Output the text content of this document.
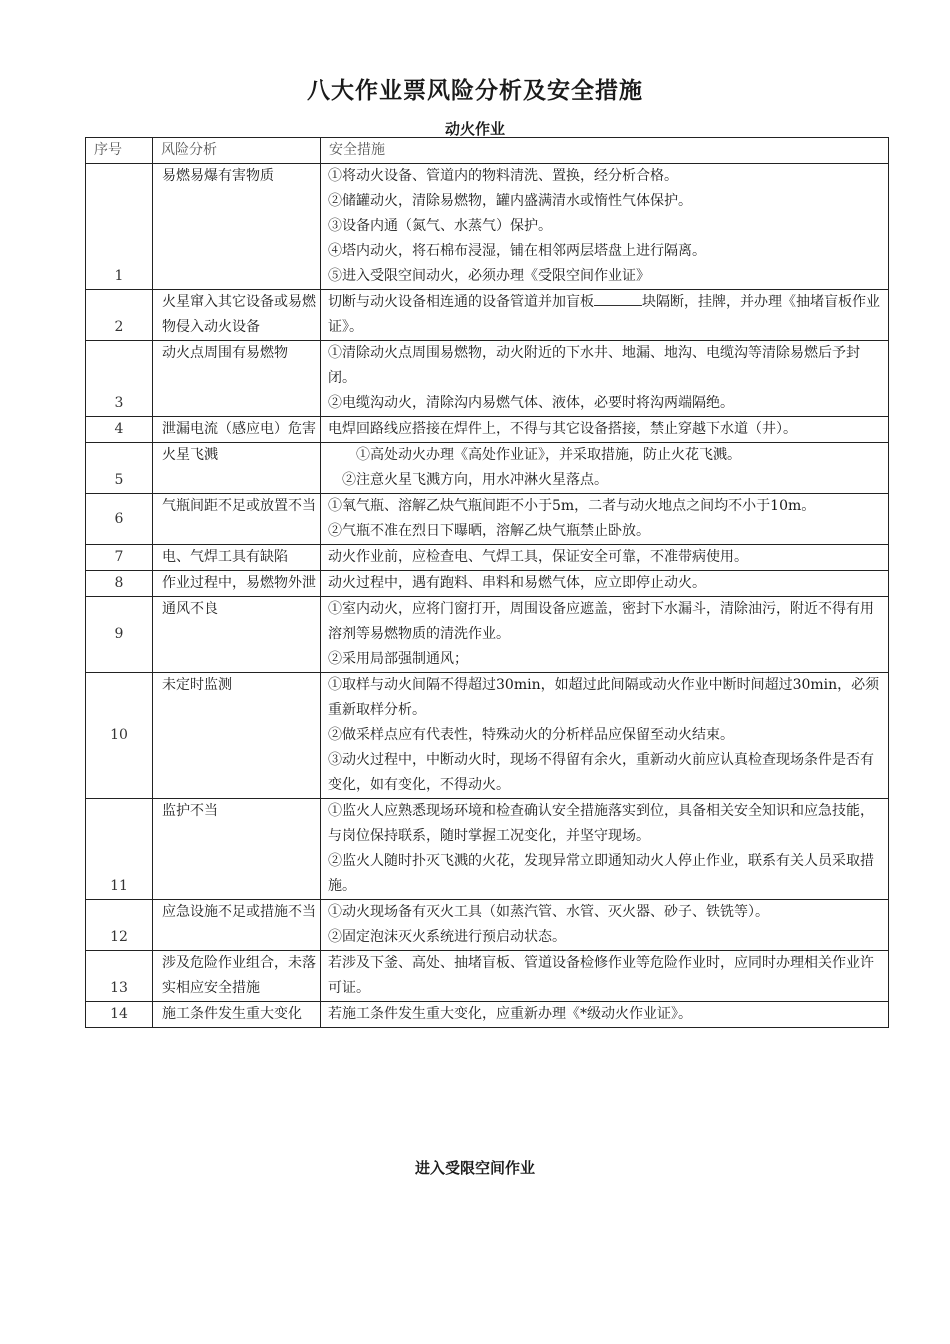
八大作业票风险分析及安全措施
动火作业
序号	风险分析	安全措施
1	易燃易爆有害物质	①将动火设备、管道内的物料清洗、置换，经分析合格。
②储罐动火，清除易燃物，罐内盛满清水或惰性气体保护。
③设备内通（氮气、水蒸气）保护。
④塔内动火，将石棉布浸湿，铺在相邻两层塔盘上进行隔离。
⑤进入受限空间动火，必须办理《受限空间作业证》

2	火星窜入其它设备或易燃物侵入动火设备	切断与动火设备相连通的设备管道并加盲板 块隔断，挂牌，并办理《抽堵盲板作业证》。
3	动火点周围有易燃物	①清除动火点周围易燃物，动火附近的下水井、地漏、地沟、电缆沟等清除易燃后予封闭。
②电缆沟动火，清除沟内易燃气体、液体，必要时将沟两端隔绝。

4	泄漏电流（感应电）危害	电焊回路线应搭接在焊件上，不得与其它设备搭接，禁止穿越下水道（井）。

5	火星飞溅	①高处动火办理《高处作业证》，并采取措施，防止火花飞溅。
②注意火星飞溅方向，用水冲淋火星落点。

6	气瓶间距不足或放置不当	①氧气瓶、溶解乙炔气瓶间距不小于5m，二者与动火地点之间均不小于10m。
②气瓶不准在烈日下曝晒，溶解乙炔气瓶禁止卧放。

7	电、气焊工具有缺陷	动火作业前，应检查电、气焊工具，保证安全可靠，不准带病使用。

8	作业过程中，易燃物外泄	动火过程中，遇有跑料、串料和易燃气体，应立即停止动火。

9	通风不良	①室内动火，应将门窗打开，周围设备应遮盖，密封下水漏斗，清除油污，附近不得有用溶剂等易燃物质的清洗作业。
②采用局部强制通风；

10	未定时监测	①取样与动火间隔不得超过30min，如超过此间隔或动火作业中断时间超过30min，必须重新取样分析。
②做采样点应有代表性，特殊动火的分析样品应保留至动火结束。
③动火过程中，中断动火时，现场不得留有余火，重新动火前应认真检查现场条件是否有变化，如有变化，不得动火。

11	监护不当	①监火人应熟悉现场环境和检查确认安全措施落实到位，具备相关安全知识和应急技能，与岗位保持联系，随时掌握工况变化，并坚守现场。
②监火人随时扑灭飞溅的火花，发现异常立即通知动火人停止作业，联系有关人员采取措施。

12	应急设施不足或措施不当	①动火现场备有灭火工具（如蒸汽管、水管、灭火器、砂子、铁铣等）。
②固定泡沫灭火系统进行预启动状态。

13	涉及危险作业组合，未落实相应安全措施	若涉及下釜、高处、抽堵盲板、管道设备检修作业等危险作业时，应同时办理相关作业许可证。

14	施工条件发生重大变化	若施工条件发生重大变化，应重新办理《*级动火作业证》。
进入受限空间作业
